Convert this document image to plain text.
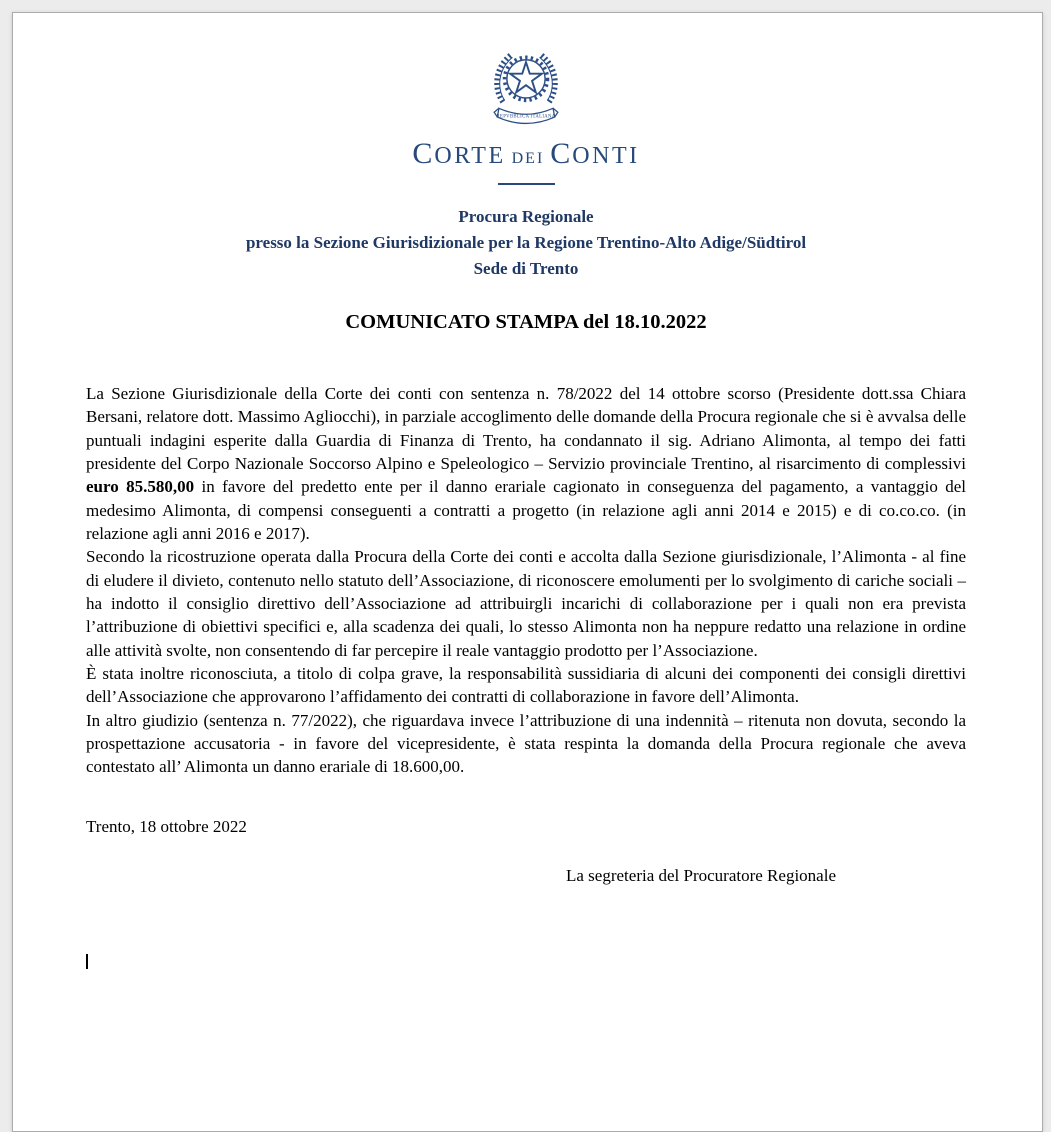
REPVBBLICA ITALIANA
CORTE DEI CONTI
Procura Regionale
presso la Sezione Giurisdizionale per la Regione Trentino-Alto Adige/Südtirol
Sede di Trento
COMUNICATO STAMPA del 18.10.2022

La Sezione Giurisdizionale della Corte dei conti con sentenza n. 78/2022 del 14 ottobre scorso (Presidente dott.ssa Chiara Bersani, relatore dott. Massimo Agliocchi), in parziale accoglimento delle domande della Procura regionale che si è avvalsa delle puntuali indagini esperite dalla Guardia di Finanza di Trento, ha condannato il sig. Adriano Alimonta, al tempo dei fatti presidente del Corpo Nazionale Soccorso Alpino e Speleologico – Servizio provinciale Trentino, al risarcimento di complessivi euro 85.580,00 in favore del predetto ente per il danno erariale cagionato in conseguenza del pagamento, a vantaggio del medesimo Alimonta, di compensi conseguenti a contratti a progetto (in relazione agli anni 2014 e 2015) e di co.co.co. (in relazione agli anni 2016 e 2017).

Secondo la ricostruzione operata dalla Procura della Corte dei conti e accolta dalla Sezione giurisdizionale, l’Alimonta - al fine di eludere il divieto, contenuto nello statuto dell’Associazione, di riconoscere emolumenti per lo svolgimento di cariche sociali – ha indotto il consiglio direttivo dell’Associazione ad attribuirgli incarichi di collaborazione per i quali non era prevista l’attribuzione di obiettivi specifici e, alla scadenza dei quali, lo stesso Alimonta non ha neppure redatto una relazione in ordine alle attività svolte, non consentendo di far percepire il reale vantaggio prodotto per l’Associazione.

È stata inoltre riconosciuta, a titolo di colpa grave, la responsabilità sussidiaria di alcuni dei componenti dei consigli direttivi dell’Associazione che approvarono l’affidamento dei contratti di collaborazione in favore dell’Alimonta.

In altro giudizio (sentenza n. 77/2022), che riguardava invece l’attribuzione di una indennità – ritenuta non dovuta, secondo la prospettazione accusatoria - in favore del vicepresidente, è stata respinta la domanda della Procura regionale che aveva contestato all’ Alimonta un danno erariale di 18.600,00.

Trento, 18 ottobre 2022
La segreteria del Procuratore Regionale
